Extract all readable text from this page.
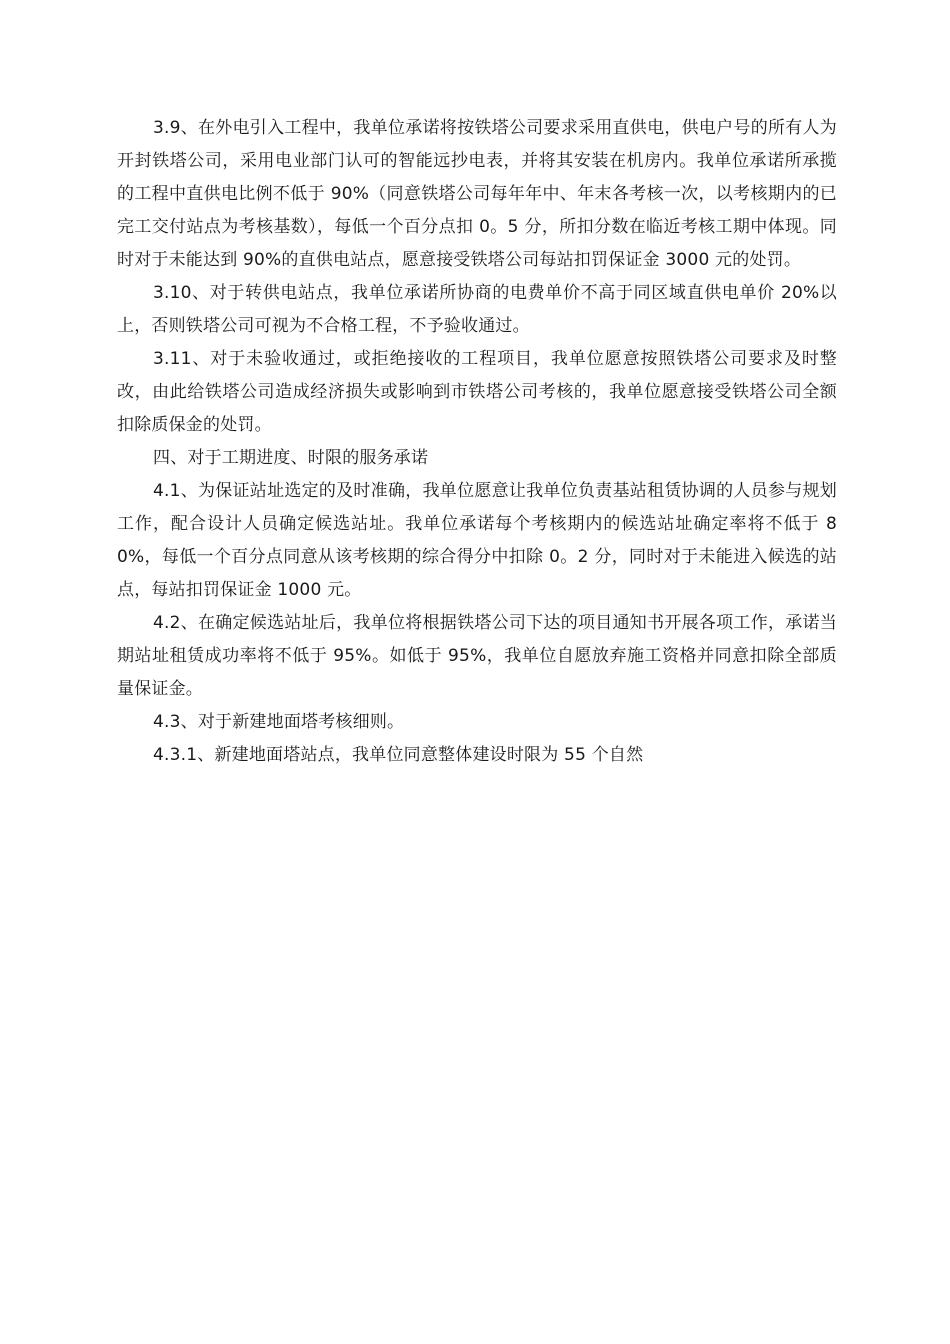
3.9、在外电引入工程中，我单位承诺将按铁塔公司要求采用直供电，供电户号的所有人为开封铁塔公司，采用电业部门认可的智能远抄电表，并将其安装在机房内。我单位承诺所承揽的工程中直供电比例不低于 90%（同意铁塔公司每年年中、年末各考核一次，以考核期内的已完工交付站点为考核基数），每低一个百分点扣 0。5 分，所扣分数在临近考核工期中体现。同时对于未能达到 90%的直供电站点，愿意接受铁塔公司每站扣罚保证金 3000 元的处罚。

3.10、对于转供电站点，我单位承诺所协商的电费单价不高于同区域直供电单价 20%以上，否则铁塔公司可视为不合格工程，不予验收通过。

3.11、对于未验收通过，或拒绝接收的工程项目，我单位愿意按照铁塔公司要求及时整改，由此给铁塔公司造成经济损失或影响到市铁塔公司考核的，我单位愿意接受铁塔公司全额扣除质保金的处罚。

四、对于工期进度、时限的服务承诺

4.1、为保证站址选定的及时准确，我单位愿意让我单位负责基站租赁协调的人员参与规划工作，配合设计人员确定候选站址。我单位承诺每个考核期内的候选站址确定率将不低于 80%，每低一个百分点同意从该考核期的综合得分中扣除 0。2 分，同时对于未能进入候选的站点，每站扣罚保证金 1000 元。

4.2、在确定候选站址后，我单位将根据铁塔公司下达的项目通知书开展各项工作，承诺当期站址租赁成功率将不低于 95%。如低于 95%，我单位自愿放弃施工资格并同意扣除全部质量保证金。

4.3、对于新建地面塔考核细则。

4.3.1、新建地面塔站点，我单位同意整体建设时限为 55 个自然
